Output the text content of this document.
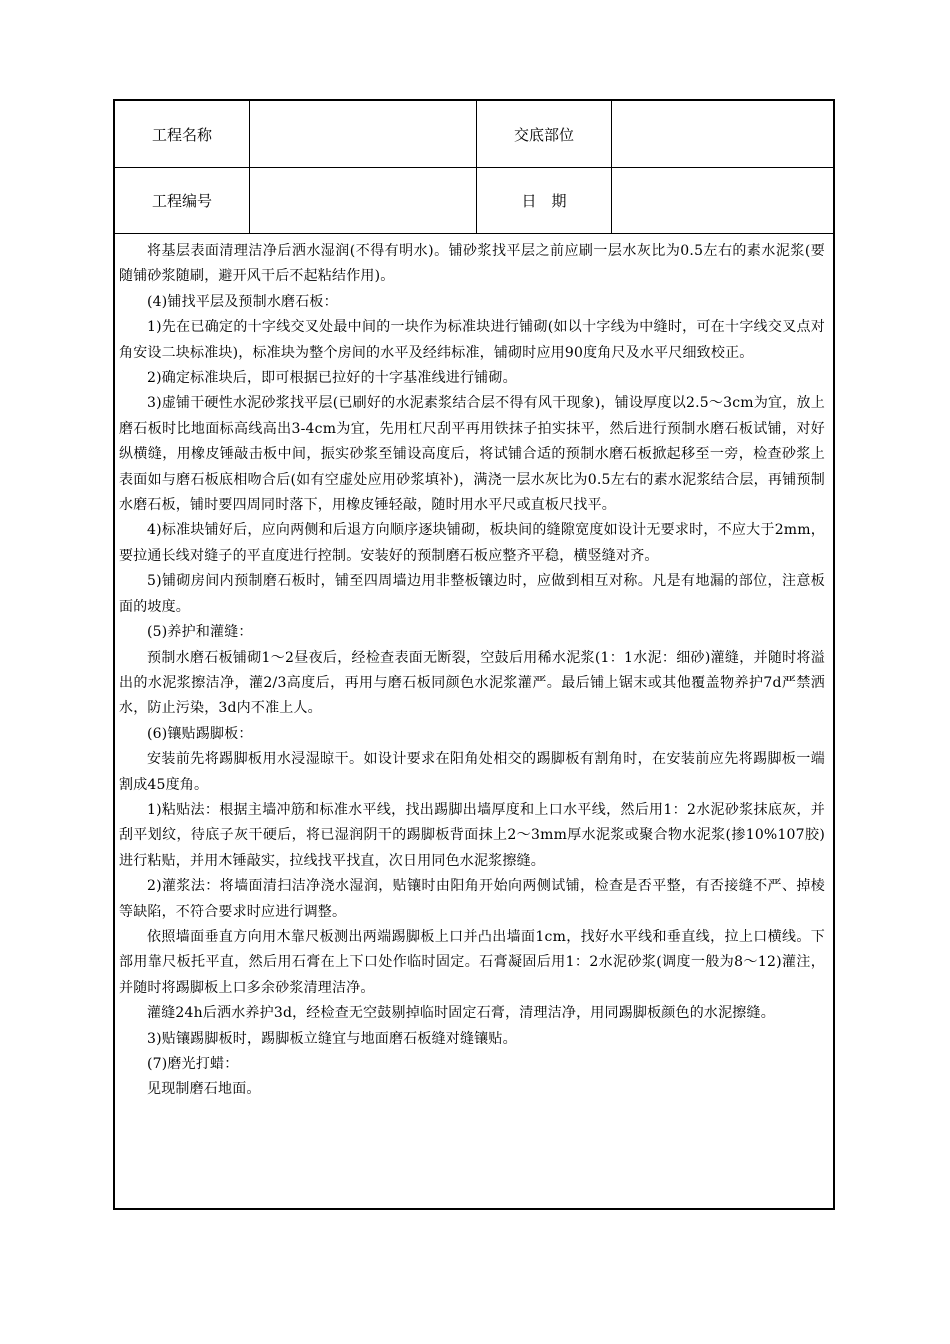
工程名称	交底部位
工程编号	日　期

将基层表面清理洁净后洒水湿润(不得有明水)。铺砂浆找平层之前应刷一层水灰比为0.5左右的素水泥浆(要随铺砂浆随刷，避开风干后不起粘结作用)。

(4)铺找平层及预制水磨石板：

1)先在已确定的十字线交叉处最中间的一块作为标准块进行铺砌(如以十字线为中缝时，可在十字线交叉点对角安设二块标准块)，标准块为整个房间的水平及经纬标准，铺砌时应用90度角尺及水平尺细致校正。

2)确定标准块后，即可根据已拉好的十字基准线进行铺砌。

3)虚铺干硬性水泥砂浆找平层(已刷好的水泥素浆结合层不得有风干现象)，铺设厚度以2.5～3cm为宜，放上磨石板时比地面标高线高出3-4cm为宜，先用杠尺刮平再用铁抹子拍实抹平，然后进行预制水磨石板试铺，对好纵横缝，用橡皮锤敲击板中间，振实砂浆至铺设高度后，将试铺合适的预制水磨石板掀起移至一旁，检查砂浆上表面如与磨石板底相吻合后(如有空虚处应用砂浆填补)，满浇一层水灰比为0.5左右的素水泥浆结合层，再铺预制水磨石板，铺时要四周同时落下，用橡皮锤轻敲，随时用水平尺或直板尺找平。

4)标准块铺好后，应向两侧和后退方向顺序逐块铺砌，板块间的缝隙宽度如设计无要求时，不应大于2mm，要拉通长线对缝子的平直度进行控制。安装好的预制磨石板应整齐平稳，横竖缝对齐。

5)铺砌房间内预制磨石板时，铺至四周墙边用非整板镶边时，应做到相互对称。凡是有地漏的部位，注意板面的坡度。

(5)养护和灌缝：

预制水磨石板铺砌1～2昼夜后，经检查表面无断裂，空鼓后用稀水泥浆(1：1水泥：细砂)灌缝，并随时将溢出的水泥浆擦洁净，灌2/3高度后，再用与磨石板同颜色水泥浆灌严。最后铺上锯末或其他覆盖物养护7d严禁洒水，防止污染，3d内不准上人。

(6)镶贴踢脚板：

安装前先将踢脚板用水浸湿晾干。如设计要求在阳角处相交的踢脚板有割角时，在安装前应先将踢脚板一端割成45度角。

1)粘贴法：根据主墙冲筋和标准水平线，找出踢脚出墙厚度和上口水平线，然后用1：2水泥砂浆抹底灰，并刮平划纹，待底子灰干硬后，将已湿润阴干的踢脚板背面抹上2～3mm厚水泥浆或聚合物水泥浆(掺10%107胶)进行粘贴，并用木锤敲实，拉线找平找直，次日用同色水泥浆擦缝。

2)灌浆法：将墙面清扫洁净浇水湿润，贴镶时由阳角开始向两侧试铺，检查是否平整，有否接缝不严、掉棱等缺陷，不符合要求时应进行调整。

依照墙面垂直方向用木靠尺板测出两端踢脚板上口并凸出墙面1cm，找好水平线和垂直线，拉上口横线。下部用靠尺板托平直，然后用石膏在上下口处作临时固定。石膏凝固后用1：2水泥砂浆(调度一般为8～12)灌注，并随时将踢脚板上口多余砂浆清理洁净。

灌缝24h后洒水养护3d，经检查无空鼓剔掉临时固定石膏，清理洁净，用同踢脚板颜色的水泥擦缝。

3)贴镶踢脚板时，踢脚板立缝宜与地面磨石板缝对缝镶贴。

(7)磨光打蜡：

见现制磨石地面。
